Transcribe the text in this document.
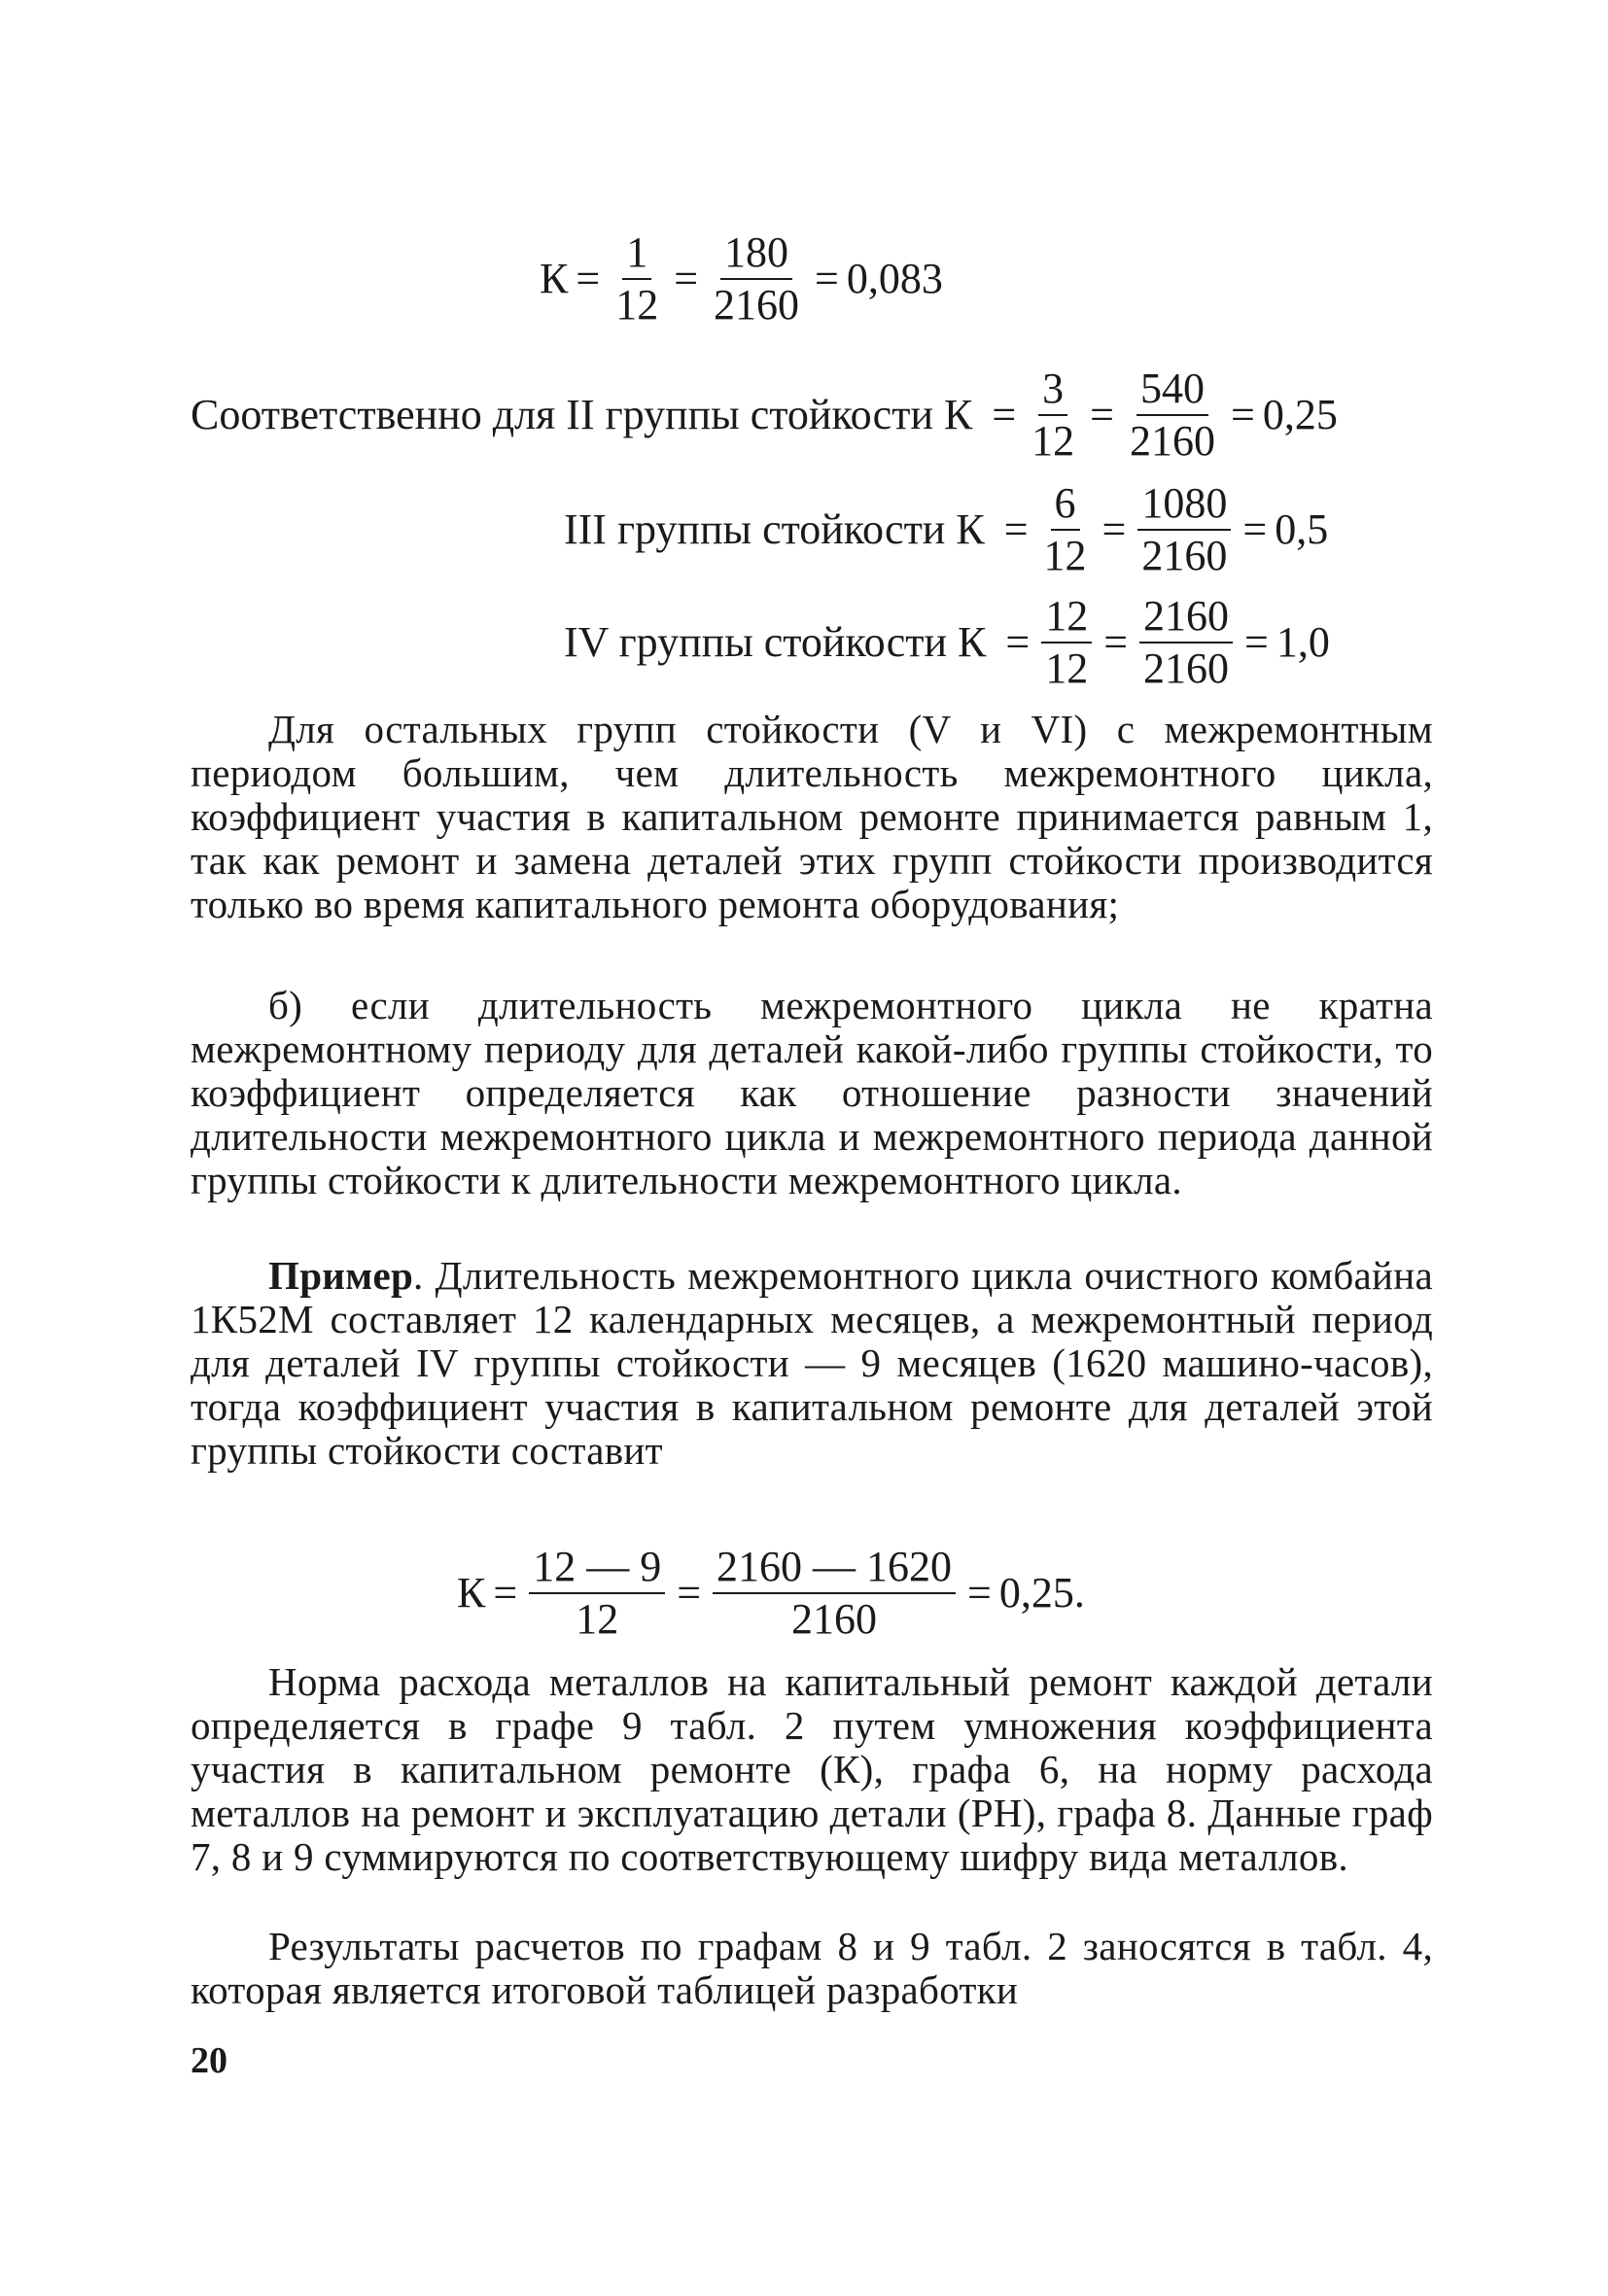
$К = \frac{1}{12} = \frac{180}{2160} = 0,083$
Соответственно для II группы стойкости $К = \frac{3}{12} = \frac{540}{2160} = 0,25$
III группы стойкости $К = \frac{6}{12} = \frac{1080}{2160} = 0,5$
IV группы стойкости $К = \frac{12}{12} = \frac{2160}{2160} = 1,0$
Для остальных групп стойкости (V и VI) с межремонтным периодом большим, чем длительность межремонтного цикла, коэффициент участия в капитальном ремонте принимается равным 1, так как ремонт и замена деталей этих групп стойкости производится только во время капитального ремонта оборудования;
б) если длительность межремонтного цикла не кратна межремонтному периоду для деталей какой-либо группы стойкости, то коэффициент определяется как отношение разности значений длительности межремонтного цикла и межремонтного периода данной группы стойкости к длительности межремонтного цикла.
Пример. Длительность межремонтного цикла очистного комбайна 1К52М составляет 12 календарных месяцев, а межремонтный период для деталей IV группы стойкости — 9 месяцев (1620 машино-часов), тогда коэффициент участия в капитальном ремонте для деталей этой группы стойкости составит
$К = \frac{12 — 9}{12} = \frac{2160 — 1620}{2160} = 0,25$.
Норма расхода металлов на капитальный ремонт каждой детали определяется в графе 9 табл. 2 путем умножения коэффициента участия в капитальном ремонте (К), графа 6, на норму расхода металлов на ремонт и эксплуатацию детали (РН), графа 8. Данные граф 7, 8 и 9 суммируются по соответствующему шифру вида металлов.
Результаты расчетов по графам 8 и 9 табл. 2 заносятся в табл. 4, которая является итоговой таблицей разработки
20
